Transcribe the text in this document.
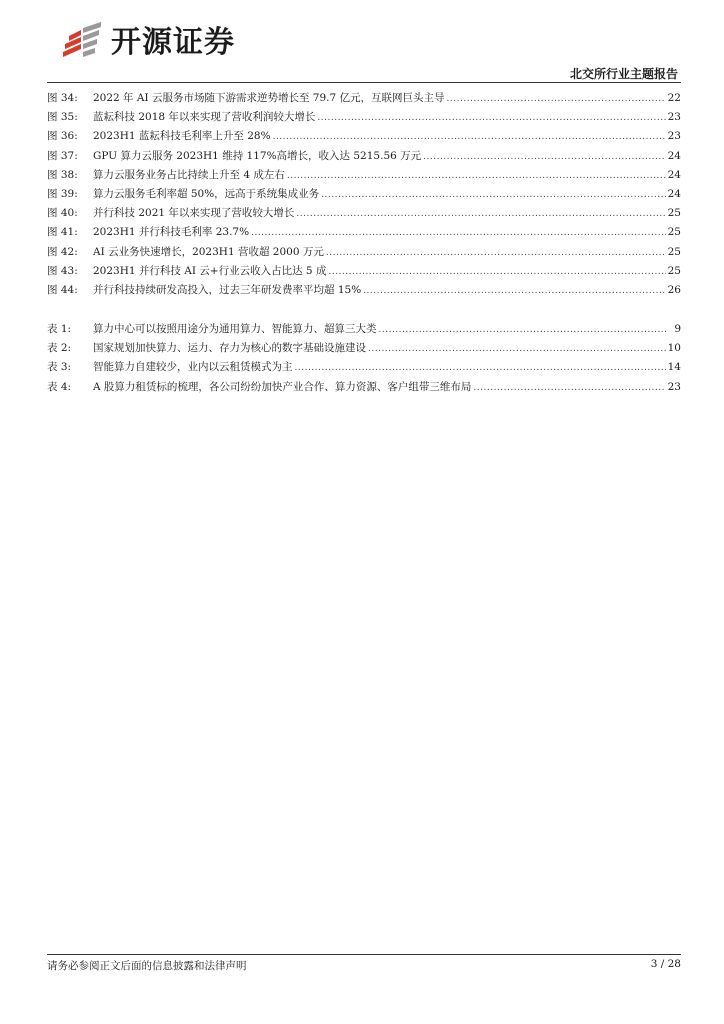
开源证券
北交所行业主题报告
图 34:	2022 年 AI 云服务市场随下游需求逆势增长至 79.7 亿元，互联网巨头主导 .....	22
图 35:	蓝耘科技 2018 年以来实现了营收利润较大增长 .....	23
图 36:	2023H1 蓝耘科技毛利率上升至 28% .....	23
图 37:	GPU 算力云服务 2023H1 维持 117%高增长，收入达 5215.56 万元 .....	24
图 38:	算力云服务业务占比持续上升至 4 成左右 .....	24
图 39:	算力云服务毛利率超 50%，远高于系统集成业务 .....	24
图 40:	并行科技 2021 年以来实现了营收较大增长 .....	25
图 41:	2023H1 并行科技毛利率 23.7% .....	25
图 42:	AI 云业务快速增长，2023H1 营收超 2000 万元 .....	25
图 43:	2023H1 并行科技 AI 云+行业云收入占比达 5 成 .....	25
图 44:	并行科技持续研发高投入，过去三年研发费率平均超 15% .....	26
表 1:	算力中心可以按照用途分为通用算力、智能算力、超算三大类 .....	9
表 2:	国家规划加快算力、运力、存力为核心的数字基础设施建设 .....	10
表 3:	智能算力自建较少，业内以云租赁模式为主 .....	14
表 4:	A 股算力租赁标的梳理，各公司纷纷加快产业合作、算力资源、客户组带三维布局 .....	23
请务必参阅正文后面的信息披露和法律声明	3 / 28
